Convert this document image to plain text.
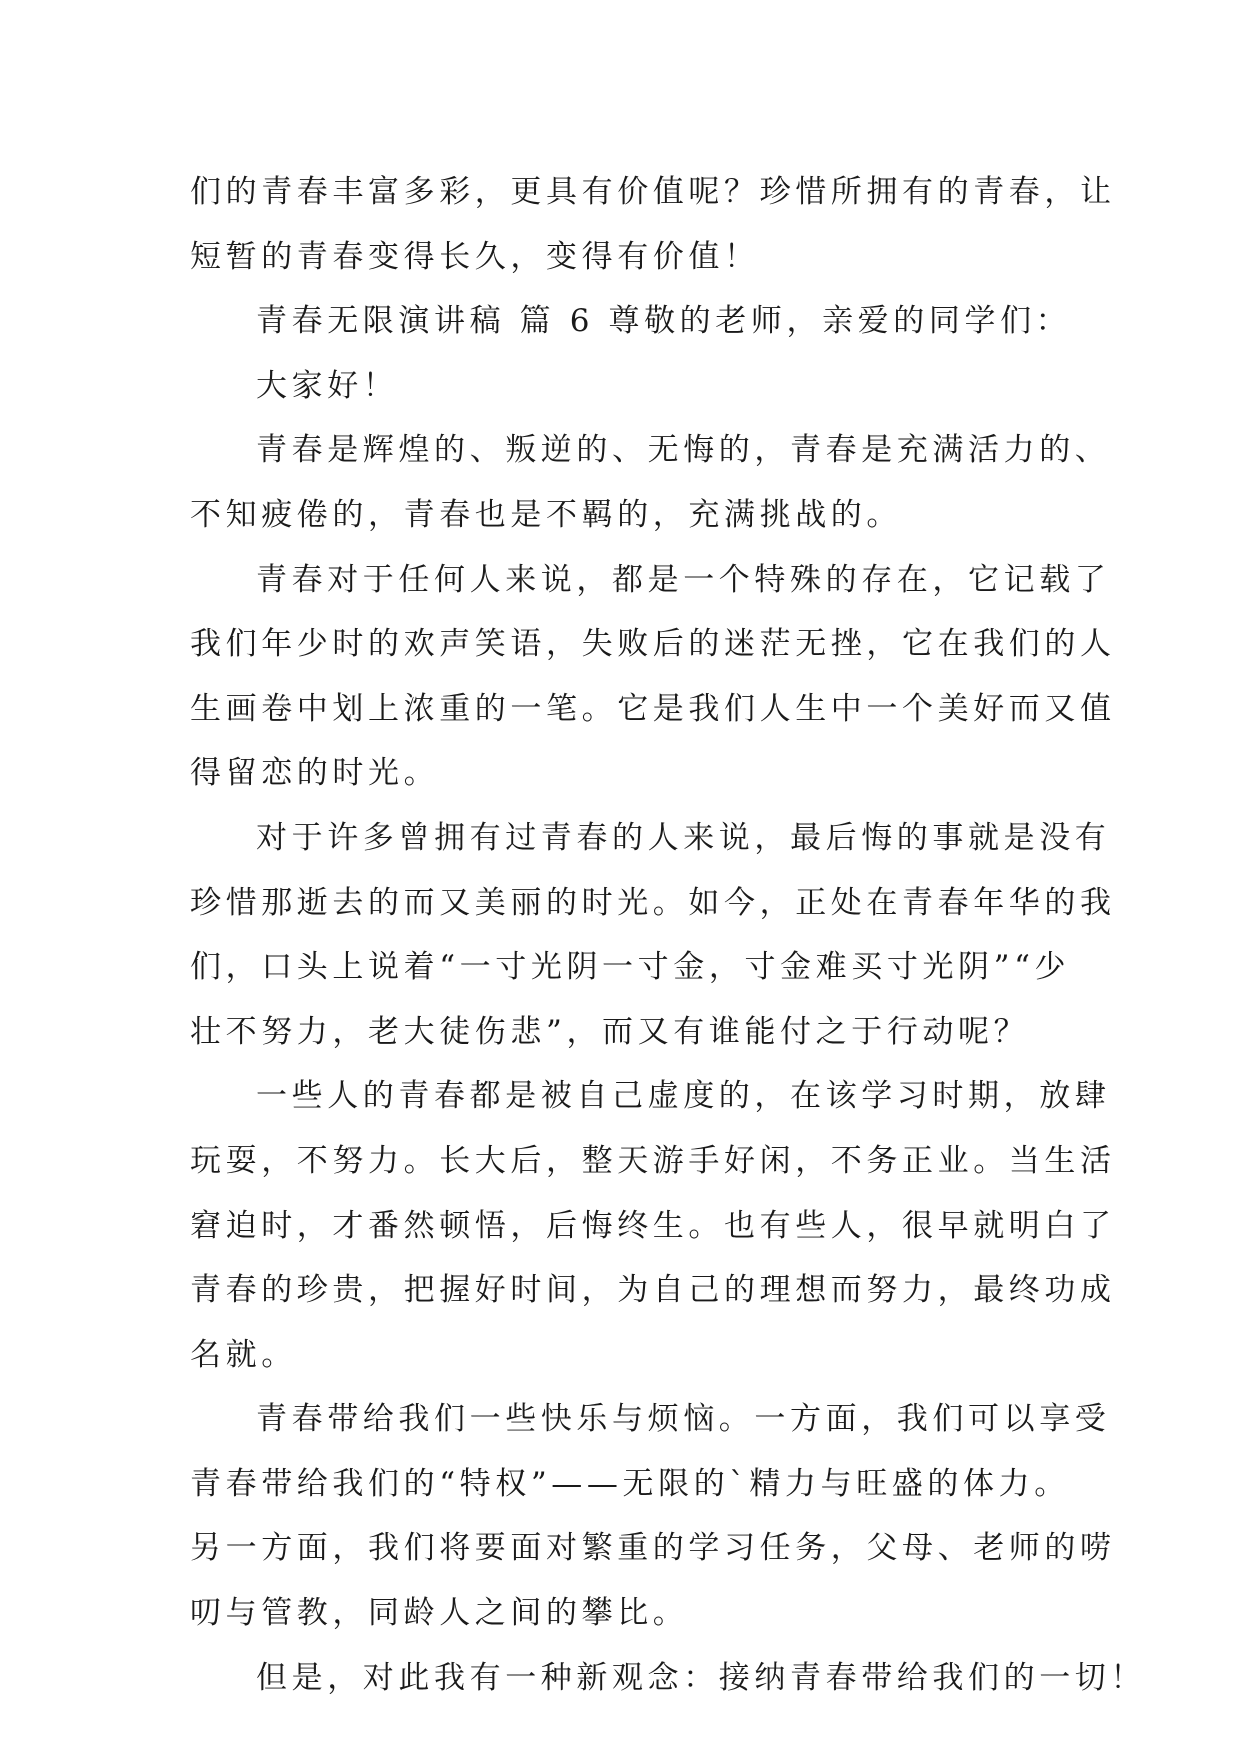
们的青春丰富多彩，更具有价值呢？珍惜所拥有的青春，让
短暂的青春变得长久，变得有价值！
青春无限演讲稿 篇 6 尊敬的老师，亲爱的同学们：
大家好！
青春是辉煌的、叛逆的、无悔的，青春是充满活力的、
不知疲倦的，青春也是不羁的，充满挑战的。
青春对于任何人来说，都是一个特殊的存在，它记载了
我们年少时的欢声笑语，失败后的迷茫无挫，它在我们的人
生画卷中划上浓重的一笔。它是我们人生中一个美好而又值
得留恋的时光。
对于许多曾拥有过青春的人来说，最后悔的事就是没有
珍惜那逝去的而又美丽的时光。如今，正处在青春年华的我
们，口头上说着“一寸光阴一寸金，寸金难买寸光阴”“少
壮不努力，老大徒伤悲”，而又有谁能付之于行动呢？
一些人的青春都是被自己虚度的，在该学习时期，放肆
玩耍，不努力。长大后，整天游手好闲，不务正业。当生活
窘迫时，才番然顿悟，后悔终生。也有些人，很早就明白了
青春的珍贵，把握好时间，为自己的理想而努力，最终功成
名就。
青春带给我们一些快乐与烦恼。一方面，我们可以享受
青春带给我们的“特权”——无限的`精力与旺盛的体力。
另一方面，我们将要面对繁重的学习任务，父母、老师的唠
叨与管教，同龄人之间的攀比。
但是，对此我有一种新观念：接纳青春带给我们的一切！
